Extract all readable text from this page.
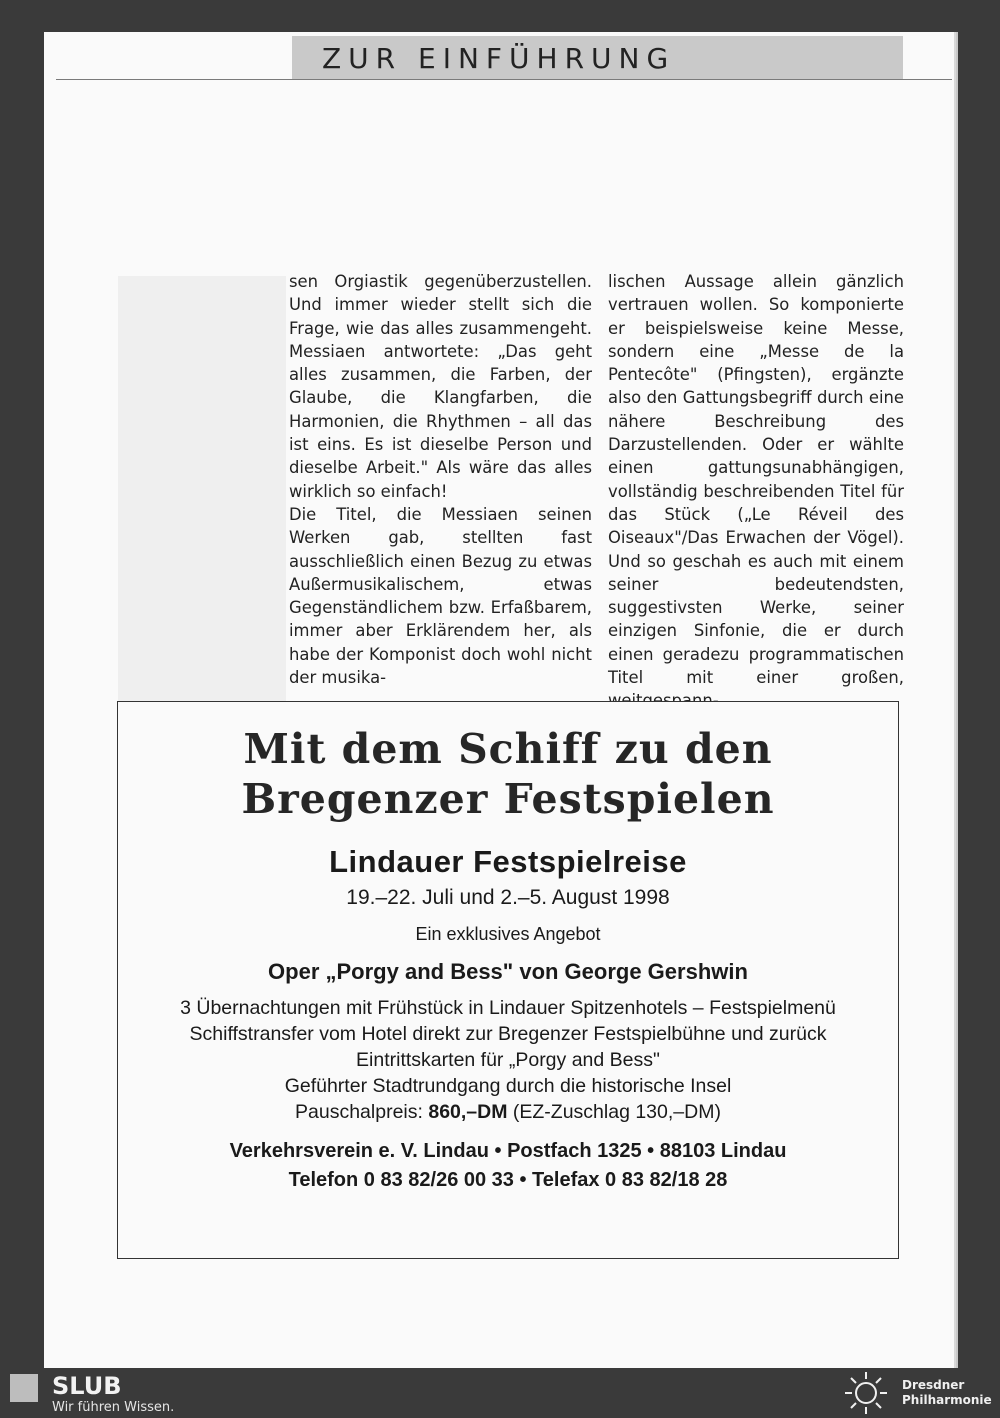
ZUR EINFÜHRUNG

sen Orgiastik gegenüberzustellen. Und immer wieder stellt sich die Frage, wie das alles zusammengeht. Messiaen antwortete: „Das geht alles zusammen, die Farben, der Glaube, die Klangfarben, die Harmonien, die Rhythmen – all das ist eins. Es ist dieselbe Person und dieselbe Arbeit." Als wäre das alles wirklich so einfach!

Die Titel, die Messiaen seinen Werken gab, stellten fast ausschließlich einen Bezug zu etwas Außermusikalischem, etwas Gegenständlichem bzw. Erfaßbarem, immer aber Erklärendem her, als habe der Komponist doch wohl nicht der musika-

lischen Aussage allein gänzlich vertrauen wollen. So komponierte er beispielsweise keine Messe, sondern eine „Messe de la Pentecôte" (Pfingsten), ergänzte also den Gattungsbegriff durch eine nähere Beschreibung des Darzustellenden. Oder er wählte einen gattungsunabhängigen, vollständig beschreibenden Titel für das Stück („Le Réveil des Oiseaux"/Das Erwachen der Vögel). Und so geschah es auch mit einem seiner bedeutendsten, suggestivsten Werke, seiner einzigen Sinfonie, die er durch einen geradezu programmatischen Titel mit einer großen,

Mit dem Schiff zu den
Bregenzer Festspielen
Lindauer Festspielreise
19.–22. Juli und 2.–5. August 1998
Ein exklusives Angebot
Oper „Porgy and Bess" von George Gershwin
3 Übernachtungen mit Frühstück in Lindauer Spitzenhotels – Festspielmenü
Schiffstransfer vom Hotel direkt zur Bregenzer Festspielbühne und zurück
Eintrittskarten für „Porgy and Bess"
Geführter Stadtrundgang durch die historische Insel
Pauschalpreis: 860,–DM (EZ-Zuschlag 130,–DM)
Verkehrsverein e. V. Lindau • Postfach 1325 • 88103 Lindau
Telefon 0 83 82/26 00 33 • Telefax 0 83 82/18 28
SLUB
Wir führen Wissen.
Dresdner
Philharmonie
